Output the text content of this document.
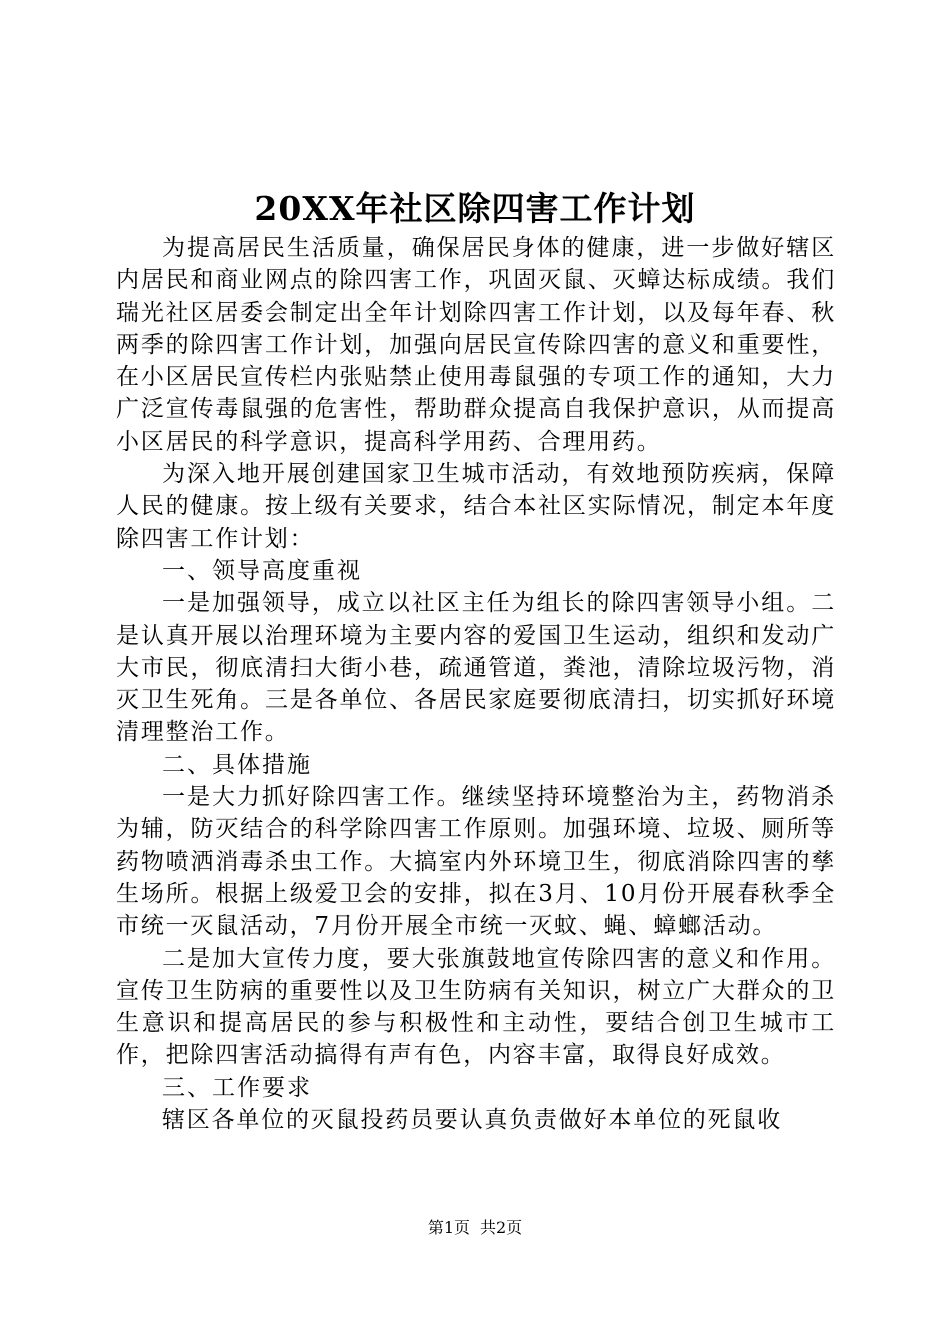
20XX年社区除四害工作计划

为提高居民生活质量，确保居民身体的健康，进一步做好辖区内居民和商业网点的除四害工作，巩固灭鼠、灭蟑达标成绩。我们瑞光社区居委会制定出全年计划除四害工作计划，以及每年春、秋两季的除四害工作计划，加强向居民宣传除四害的意义和重要性，在小区居民宣传栏内张贴禁止使用毒鼠强的专项工作的通知，大力广泛宣传毒鼠强的危害性，帮助群众提高自我保护意识，从而提高小区居民的科学意识，提高科学用药、合理用药。

为深入地开展创建国家卫生城市活动，有效地预防疾病，保障人民的健康。按上级有关要求，结合本社区实际情况，制定本年度除四害工作计划：

一、领导高度重视

一是加强领导，成立以社区主任为组长的除四害领导小组。二是认真开展以治理环境为主要内容的爱国卫生运动，组织和发动广大市民，彻底清扫大街小巷，疏通管道，粪池，清除垃圾污物，消灭卫生死角。三是各单位、各居民家庭要彻底清扫，切实抓好环境清理整治工作。

二、具体措施

一是大力抓好除四害工作。继续坚持环境整治为主，药物消杀为辅，防灭结合的科学除四害工作原则。加强环境、垃圾、厕所等药物喷洒消毒杀虫工作。大搞室内外环境卫生，彻底消除四害的孳生场所。根据上级爱卫会的安排，拟在3月、10月份开展春秋季全市统一灭鼠活动，7月份开展全市统一灭蚊、蝇、蟑螂活动。

二是加大宣传力度，要大张旗鼓地宣传除四害的意义和作用。宣传卫生防病的重要性以及卫生防病有关知识，树立广大群众的卫生意识和提高居民的参与积极性和主动性，要结合创卫生城市工作，把除四害活动搞得有声有色，内容丰富，取得良好成效。

三、工作要求

辖区各单位的灭鼠投药员要认真负责做好本单位的死鼠收

第1页 共2页
